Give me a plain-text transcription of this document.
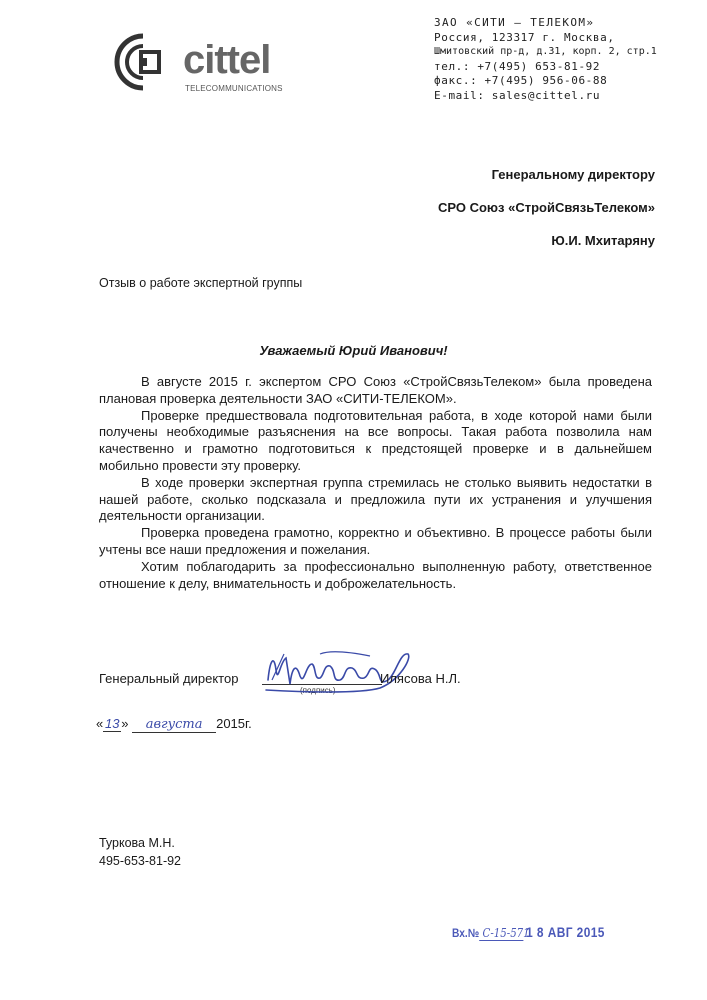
cittel
TELECOMMUNICATIONS
ЗАО «СИТИ – ТЕЛЕКОМ»
Россия, 123317 г. Москва,
Шмитовский пр-д, д.31, корп. 2, стр.1
тел.: +7(495) 653-81-92
факс.: +7(495) 956-06-88
E-mail: sales@cittel.ru
Генеральному директору
СРО Союз «СтройСвязьТелеком»
Ю.И. Мхитаряну
Отзыв о работе экспертной группы
Уважаемый Юрий Иванович!

В августе 2015 г. экспертом СРО Союз «СтройСвязьТелеком» была проведена плановая проверка деятельности ЗАО «СИТИ-ТЕЛЕКОМ».

Проверке предшествовала подготовительная работа, в ходе которой нами были получены необходимые разъяснения на все вопросы. Такая работа позволила нам качественно и грамотно подготовиться к предстоящей проверке и в дальнейшем мобильно провести эту проверку.

В ходе проверки экспертная группа стремилась не столько выявить недостатки в нашей работе, сколько подсказала и предложила пути их устранения и улучшения деятельности организации.

Проверка проведена грамотно, корректно и объективно. В процессе работы были учтены все наши предложения и пожелания.

Хотим поблагодарить за профессионально выполненную работу, ответственное отношение к делу, внимательность и доброжелательность.

Генеральный директор
(подпись)
Илясова Н.Л.
« 13 » августа 2015г.
Туркова М.Н.
495-653-81-92
Вх.№ С-15-571 1 8 АВГ 2015
